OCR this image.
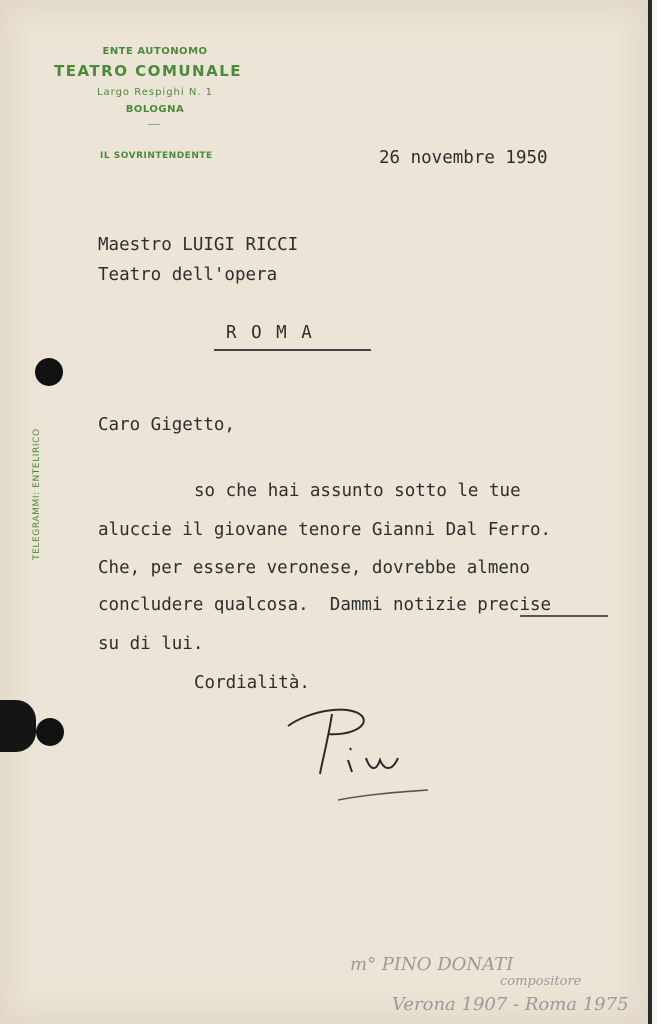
ENTE AUTONOMO
TEATRO COMUNALE
Largo Respighi N. 1
BOLOGNA
IL SOVRINTENDENTE
TELEGRAMMI: ENTELIRICO
26 novembre 1950
Maestro LUIGI RICCI
Teatro dell'opera
R O M A
Caro Gigetto,
so che hai assunto sotto le tue
aluccie il giovane tenore Gianni Dal Ferro.
Che, per essere veronese, dovrebbe almeno
concludere qualcosa.  Dammi notizie precise
su di lui.
Cordialità.
m° PINO DONATI
compositore
Verona 1907 - Roma 1975
